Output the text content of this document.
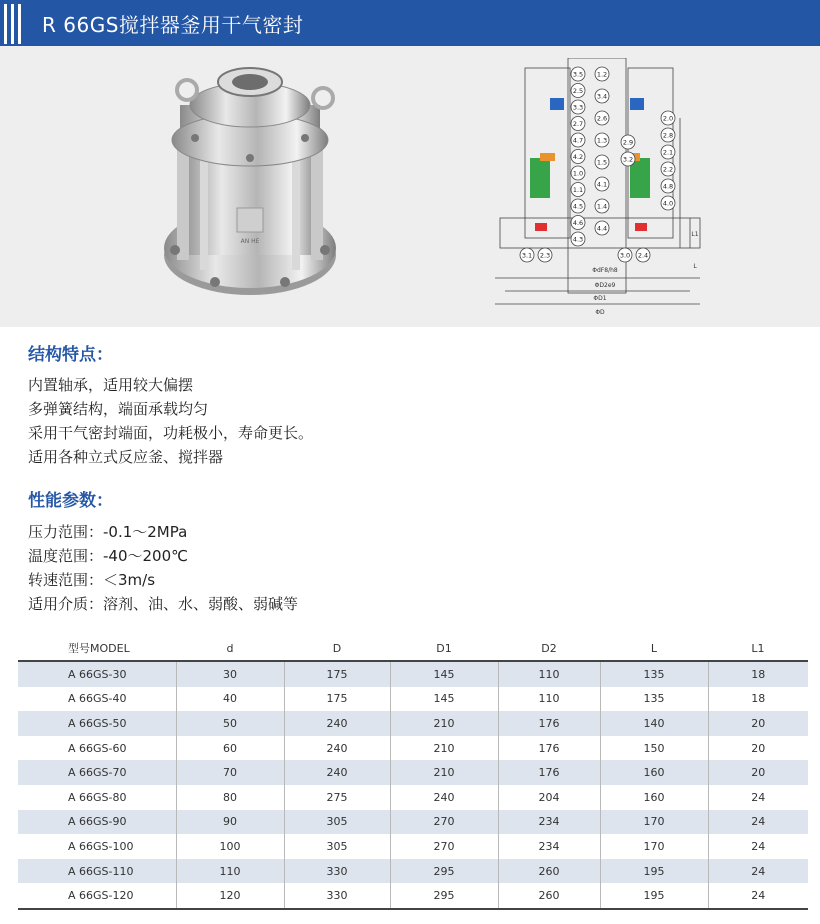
R 66GS搅拌器釜用干气密封
AN HE
1.2
3.4
2.6
1.3
1.5
4.1
1.4
4.4
3.5
2.5
3.3
2.7
4.7
4.2
1.0
1.1
4.5
4.6
4.3
2.0
2.8
2.1
2.2
4.8
4.0
2.9
3.2
3.1 2.3	3.0 2.4
ΦdF8/h8
ΦD2e9
ΦD1
ΦD
L
L1
结构特点：
内置轴承，适用较大偏摆
多弹簧结构，端面承载均匀
采用干气密封端面，功耗极小，寿命更长。
适用各种立式反应釜、搅拌器
性能参数：
压力范围：-0.1～2MPa
温度范围：-40～200℃
转速范围：＜3m/s
适用介质：溶剂、油、水、弱酸、弱碱等
型号MODEL	d	D	D1	D2	L	L1
A 66GS-30	30	175	145	110	135	18
A 66GS-40	40	175	145	110	135	18
A 66GS-50	50	240	210	176	140	20
A 66GS-60	60	240	210	176	150	20
A 66GS-70	70	240	210	176	160	20
A 66GS-80	80	275	240	204	160	24
A 66GS-90	90	305	270	234	170	24
A 66GS-100	100	305	270	234	170	24
A 66GS-110	110	330	295	260	195	24
A 66GS-120	120	330	295	260	195	24
